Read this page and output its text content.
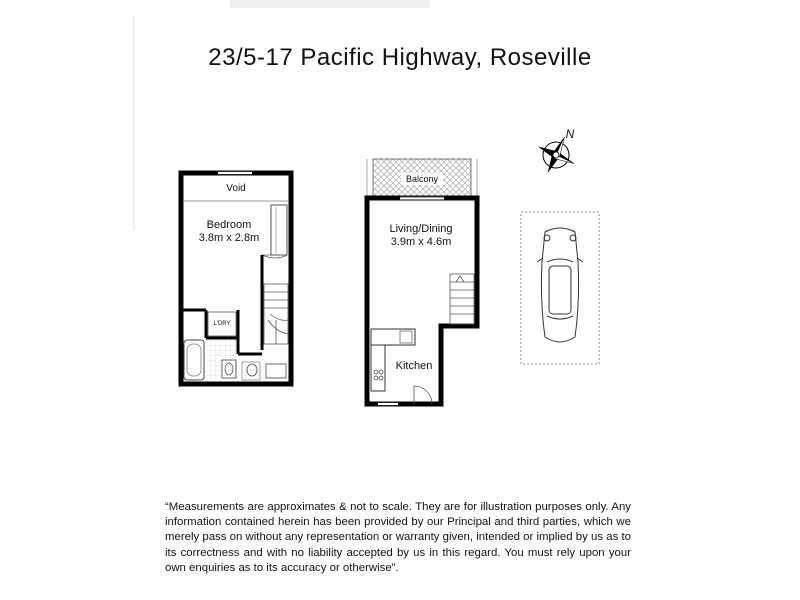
23/5-17 Pacific Highway, Roseville
Void
Bedroom
3.8m x 2.8m
L'DRY
Balcony
Living/Dining
3.9m x 4.6m
Kitchen
N
“Measurements are approximates & not to scale. They are for illustration purposes only. Any information contained herein has been provided by our Principal and third parties, which we merely pass on without any representation or warranty given, intended or implied by us as to its correctness and with no liability accepted by us in this regard. You must rely upon your own enquiries as to its accuracy or otherwise”.
